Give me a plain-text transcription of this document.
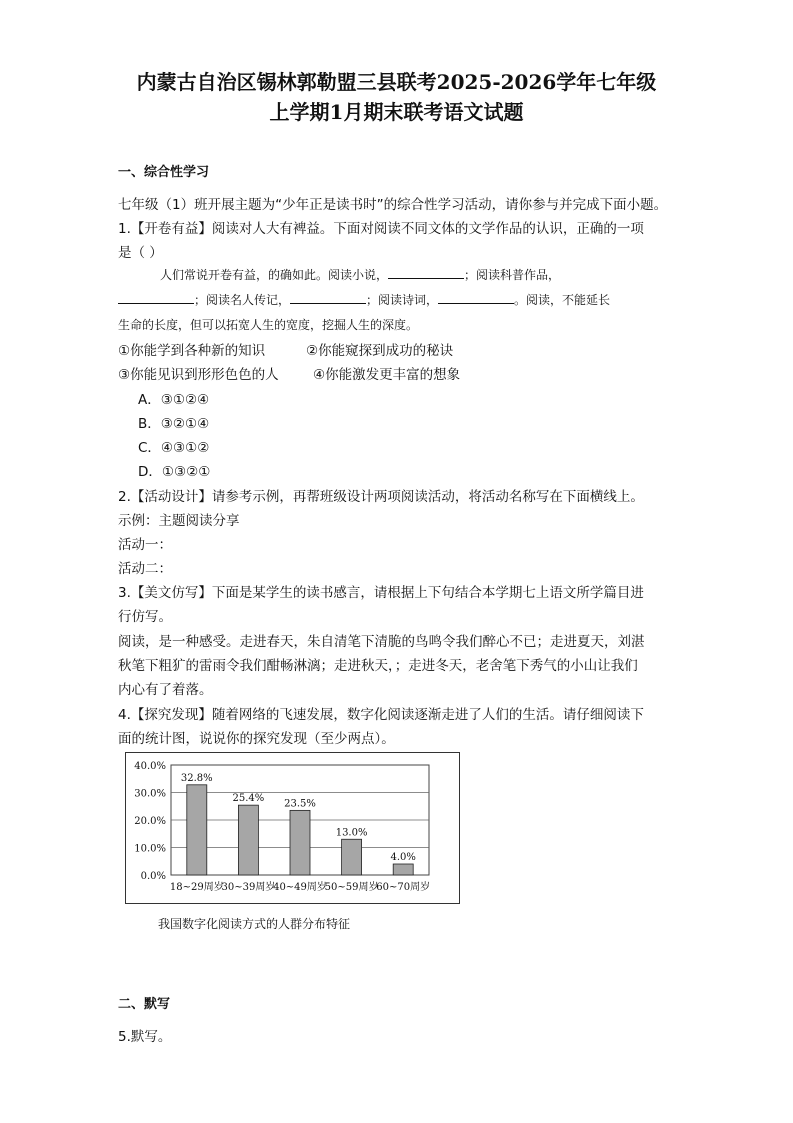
内蒙古自治区锡林郭勒盟三县联考2025-2026学年七年级
上学期1月期末联考语文试题
一、综合性学习
七年级（1）班开展主题为“少年正是读书时”的综合性学习活动，请你参与并完成下面小题。
1.【开卷有益】阅读对人大有裨益。下面对阅读不同文体的文学作品的认识，正确的一项
是（ ）
人们常说开卷有益，的确如此。阅读小说，	；阅读科普作品，
；阅读名人传记，	；阅读诗词，	。阅读，不能延长
生命的长度，但可以拓宽人生的宽度，挖掘人生的深度。
①你能学到各种新的知识	②你能窥探到成功的秘诀
③你能见识到形形色色的人	④你能激发更丰富的想象
A．③①②④
B．③②①④
C．④③①②
D．①③②①
2.【活动设计】请参考示例，再帮班级设计两项阅读活动，将活动名称写在下面横线上。
示例：主题阅读分享
活动一：
活动二：
3.【美文仿写】下面是某学生的读书感言，请根据上下句结合本学期七上语文所学篇目进
行仿写。
阅读，是一种感受。走进春天，朱自清笔下清脆的鸟鸣令我们醉心不已；走进夏天，刘湛
秋笔下粗犷的雷雨令我们酣畅淋漓；走进秋天，；走进冬天，老舍笔下秀气的小山让我们
内心有了着落。
4.【探究发现】随着网络的飞速发展，数字化阅读逐渐走进了人们的生活。请仔细阅读下
面的统计图，说说你的探究发现（至少两点）。
0.0%
10.0%
20.0%
30.0%
40.0%
32.8%
18~29周岁
25.4%
30~39周岁
23.5%
40~49周岁
13.0%
50~59周岁
4.0%
60~70周岁
我国数字化阅读方式的人群分布特征
二、默写
5.默写。
